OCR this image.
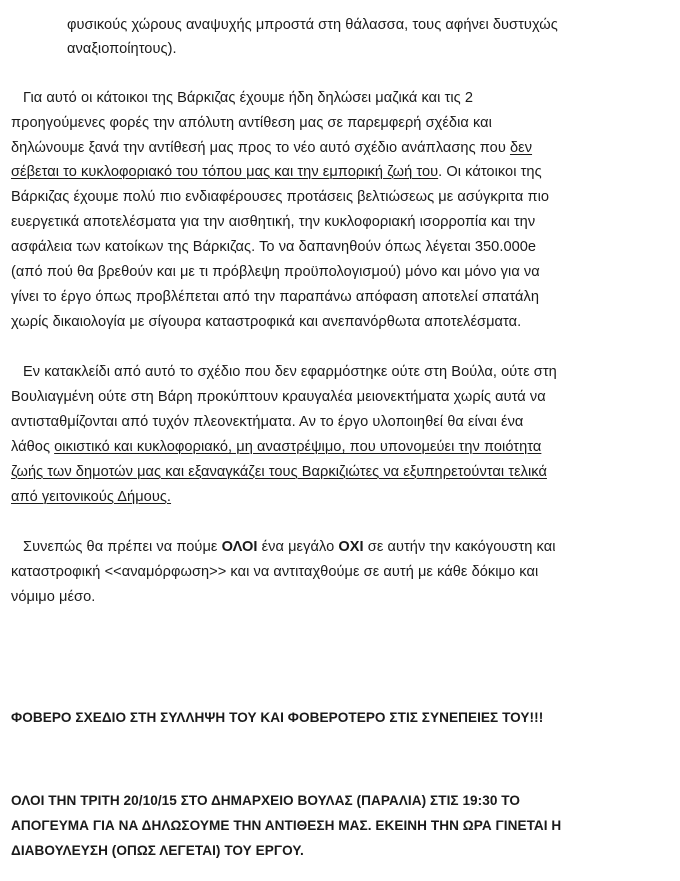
φυσικούς χώρους αναψυχής μπροστά στη θάλασσα, τους αφήνει δυστυχώς
αναξιοποίητους).
Για αυτό οι κάτοικοι της Βάρκιζας έχουμε ήδη δηλώσει μαζικά και τις 2
προηγούμενες φορές την απόλυτη αντίθεση μας σε παρεμφερή σχέδια και
δηλώνουμε ξανά την αντίθεσή μας προς το νέο αυτό σχέδιο ανάπλασης που δεν
σέβεται το κυκλοφοριακό του τόπου μας και την εμπορική ζωή του. Οι κάτοικοι της
Βάρκιζας έχουμε πολύ πιο ενδιαφέρουσες προτάσεις βελτιώσεως με ασύγκριτα πιο
ευεργετικά αποτελέσματα για την αισθητική, την κυκλοφοριακή ισορροπία και την
ασφάλεια των κατοίκων της Βάρκιζας. Το να δαπανηθούν όπως λέγεται 350.000e
(από πού θα βρεθούν και με τι πρόβλεψη προϋπολογισμού) μόνο και μόνο για να
γίνει το έργο όπως προβλέπεται από την παραπάνω απόφαση αποτελεί σπατάλη
χωρίς δικαιολογία με σίγουρα καταστροφικά και ανεπανόρθωτα αποτελέσματα.
Εν κατακλείδι από αυτό το σχέδιο που δεν εφαρμόστηκε ούτε στη Βούλα, ούτε στη
Βουλιαγμένη ούτε στη Βάρη προκύπτουν κραυγαλέα μειονεκτήματα χωρίς αυτά να
αντισταθμίζονται από τυχόν πλεονεκτήματα. Αν το έργο υλοποιηθεί θα είναι ένα
λάθος οικιστικό και κυκλοφοριακό, μη αναστρέψιμο, που υπονομεύει την ποιότητα
ζωής των δημοτών μας και εξαναγκάζει τους Βαρκιζιώτες να εξυπηρετούνται τελικά
από γειτονικούς Δήμους.
Συνεπώς θα πρέπει να πούμε ΟΛΟΙ ένα μεγάλο ΟΧΙ σε αυτήν την κακόγουστη και
καταστροφική <<αναμόρφωση>> και να αντιταχθούμε σε αυτή με κάθε δόκιμο και
νόμιμο μέσο.
ΦΟΒΕΡΟ ΣΧΕΔΙΟ ΣΤΗ ΣΥΛΛΗΨΗ ΤΟΥ ΚΑΙ ΦΟΒΕΡΟΤΕΡΟ ΣΤΙΣ ΣΥΝΕΠΕΙΕΣ ΤΟΥ!!!
ΟΛΟΙ ΤΗΝ ΤΡΙΤΗ 20/10/15 ΣΤΟ ΔΗΜΑΡΧΕΙΟ ΒΟΥΛΑΣ (ΠΑΡΑΛΙΑ) ΣΤΙΣ 19:30 ΤΟ
ΑΠΟΓΕΥΜΑ ΓΙΑ ΝΑ ΔΗΛΩΣΟΥΜΕ ΤΗΝ ΑΝΤΙΘΕΣΗ ΜΑΣ. ΕΚΕΙΝΗ ΤΗΝ ΩΡΑ ΓΙΝΕΤΑΙ Η
ΔΙΑΒΟΥΛΕΥΣΗ (ΟΠΩΣ ΛΕΓΕΤΑΙ) ΤΟΥ ΕΡΓΟΥ.
